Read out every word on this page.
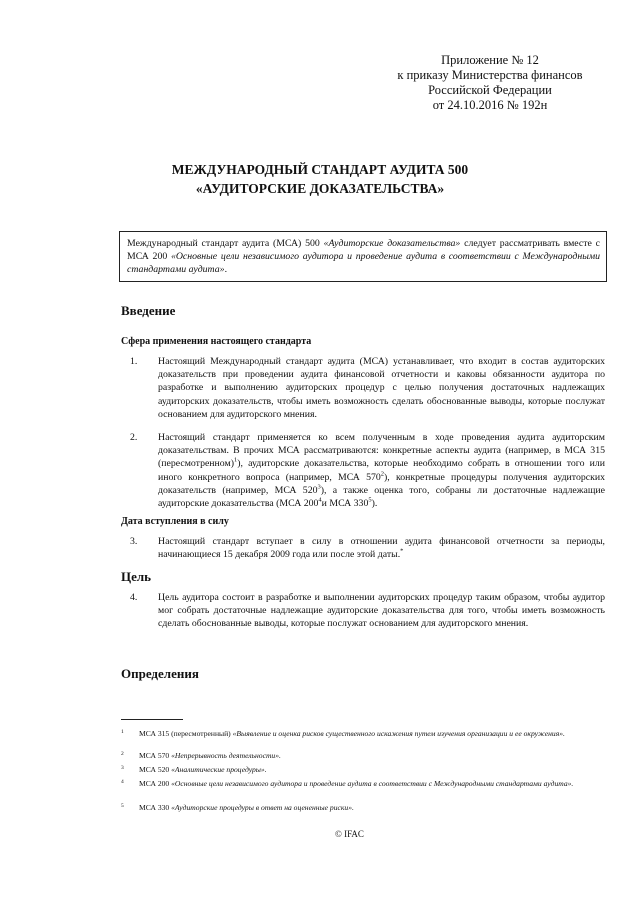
Приложение № 12
к приказу Министерства финансов
Российской Федерации
от 24.10.2016 № 192н
МЕЖДУНАРОДНЫЙ СТАНДАРТ АУДИТА 500
«АУДИТОРСКИЕ ДОКАЗАТЕЛЬСТВА»
Международный стандарт аудита (МСА) 500 «Аудиторские доказательства» следует рассматривать вместе с МСА 200 «Основные цели независимого аудитора и проведение аудита в соответствии с Международными стандартами аудита».
Введение
Сфера применения настоящего стандарта
1.	Настоящий Международный стандарт аудита (МСА) устанавливает, что входит в состав аудиторских доказательств при проведении аудита финансовой отчетности и каковы обязанности аудитора по разработке и выполнению аудиторских процедур с целью получения достаточных надлежащих аудиторских доказательств, чтобы иметь возможность сделать обоснованные выводы, которые послужат основанием для аудиторского мнения.
2.	Настоящий стандарт применяется ко всем полученным в ходе проведения аудита аудиторским доказательствам. В прочих МСА рассматриваются: конкретные аспекты аудита (например, в МСА 315 (пересмотренном)$^1$), аудиторские доказательства, которые необходимо собрать в отношении того или иного конкретного вопроса (например, МСА $570^2$), конкретные процедуры получения аудиторских доказательств (например, МСА $520^3$), а также оценка того, собраны ли достаточные надлежащие аудиторские доказательства (МСА $200^4и$ МСА $330^5$).
Дата вступления в силу
3.	Настоящий стандарт вступает в силу в отношении аудита финансовой отчетности за периоды, начинающиеся 15 декабря 2009 года или после этой даты.*
Цель
4.	Цель аудитора состоит в разработке и выполнении аудиторских процедур таким образом, чтобы аудитор мог собрать достаточные надлежащие аудиторские доказательства для того, чтобы иметь возможность сделать обоснованные выводы, которые послужат основанием для аудиторского мнения.
Определения
1 МСА 315 (пересмотренный) «Выявление и оценка рисков существенного искажения путем изучения организации и ее окружения».
2 МСА 570 «Непрерывность деятельности».
3 МСА 520 «Аналитические процедуры».
4 МСА 200 «Основные цели независимого аудитора и проведение аудита в соответствии с Международными стандартами аудита».
5 МСА 330 «Аудиторские процедуры в ответ на оцененные риски».
© IFAC
